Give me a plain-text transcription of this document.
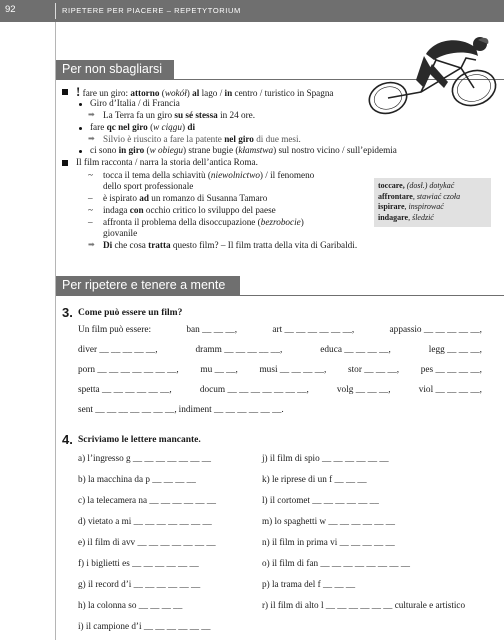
92	RIPETERE PER PIACERE – REPETYTORIUM
Per non sbagliarsi
! fare un giro: attorno (wokół) al lago / in centro / turistico in Spagna
Giro d’Italia / di Francia
➡ La Terra fa un giro su sé stessa in 24 ore.
fare qc nel giro (w ciągu) di
➡ Silvio è riuscito a fare la patente nel giro di due mesi.
ci sono in giro (w obiegu) strane bugie (kłamstwa) sul nostro vicino / sull’epidemia
Il film racconta / narra la storia dell’antica Roma.
~ tocca il tema della schiavitù (niewolnictwo) / il fenomeno
dello sport professionale
– è ispirato ad un romanzo di Susanna Tamaro
~ indaga con occhio critico lo sviluppo del paese
– affronta il problema della disoccupazione (bezrobocie)
giovanile
➡ Di che cosa tratta questo film? – Il film tratta della vita di Garibaldi.
toccare, (dosł.) dotykać
affrontare, stawiać czoła
ispirare, inspirować
indagare, śledzić
Per ripetere e tenere a mente
3. Come può essere un film?
Un film può essere:	ban __ __ __,	art __ __ __ __ __ __,	appassio __ __ __ __ __,
diver __ __ __ __ __,	dramm __ __ __ __ __,	educa __ __ __ __,	legg __ __ __,
porn __ __ __ __ __ __ __, mu __ __, musi __ __ __ __, stor __ __ __, pes __ __ __ __,
spetta __ __ __ __ __ __,	docum __ __ __ __ __ __ __,	volg __ __ __,	viol __ __ __ __,
sent __ __ __ __ __ __ __, indiment __ __ __ __ __ __.
4. Scriviamo le lettere mancante.
a) l’ingresso g __ __ __ __ __ __ __
b) la macchina da p __ __ __ __
c) la telecamera na __ __ __ __ __ __
d) vietato a mi __ __ __ __ __ __ __
e) il film di avv __ __ __ __ __ __ __
f) i biglietti es __ __ __ __ __ __
g) il record d’i __ __ __ __ __ __
h) la colonna so __ __ __ __
i) il campione d’i __ __ __ __ __ __
j) il film di spio __ __ __ __ __ __
k) le riprese di un f __ __ __
l) il cortomet __ __ __ __ __ __
m) lo spaghetti w __ __ __ __ __ __
n) il film in prima vi __ __ __ __ __
o) il film di fan __ __ __ __ __ __ __ __
p) la trama del f __ __ __
r) il film di alto l __ __ __ __ __ __ culturale e artistico
